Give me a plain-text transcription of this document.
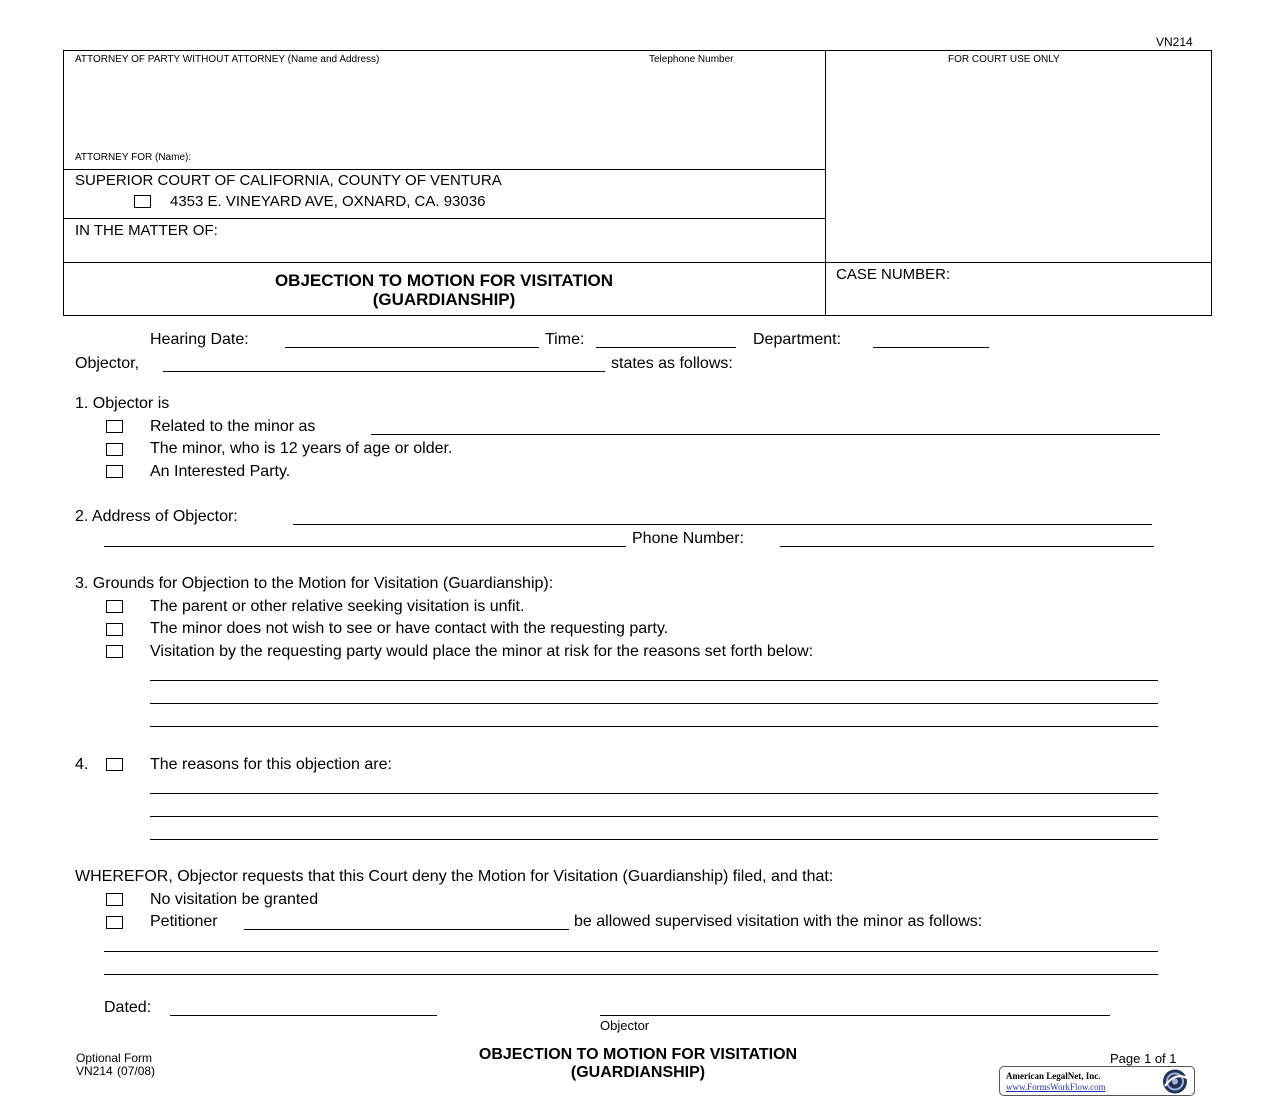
VN214
ATTORNEY OF PARTY WITHOUT ATTORNEY (Name and Address)	Telephone Number	FOR COURT USE ONLY
ATTORNEY FOR (Name):
SUPERIOR COURT OF CALIFORNIA, COUNTY OF VENTURA
4353 E. VINEYARD AVE, OXNARD, CA. 93036
IN THE MATTER OF:
OBJECTION TO MOTION FOR VISITATION
(GUARDIANSHIP)
CASE NUMBER:
Hearing Date:	Time:	Department:
Objector,	states as follows:
1. Objector is
Related to the minor as
The minor, who is 12 years of age or older.
An Interested Party.
2. Address of Objector:
Phone Number:
3. Grounds for Objection to the Motion for Visitation (Guardianship):
The parent or other relative seeking visitation is unfit.
The minor does not wish to see or have contact with the requesting party.
Visitation by the requesting party would place the minor at risk for the reasons set forth below:
4.	The reasons for this objection are:
WHEREFOR, Objector requests that this Court deny the Motion for Visitation (Guardianship) filed, and that:
No visitation be granted
Petitioner	be allowed supervised visitation with the minor as follows:
Dated:
Objector
Optional Form
VN214  (07/08)
OBJECTION TO MOTION FOR VISITATION
(GUARDIANSHIP)
Page 1 of 1
American LegalNet, Inc.
www.FormsWorkFlow.com
